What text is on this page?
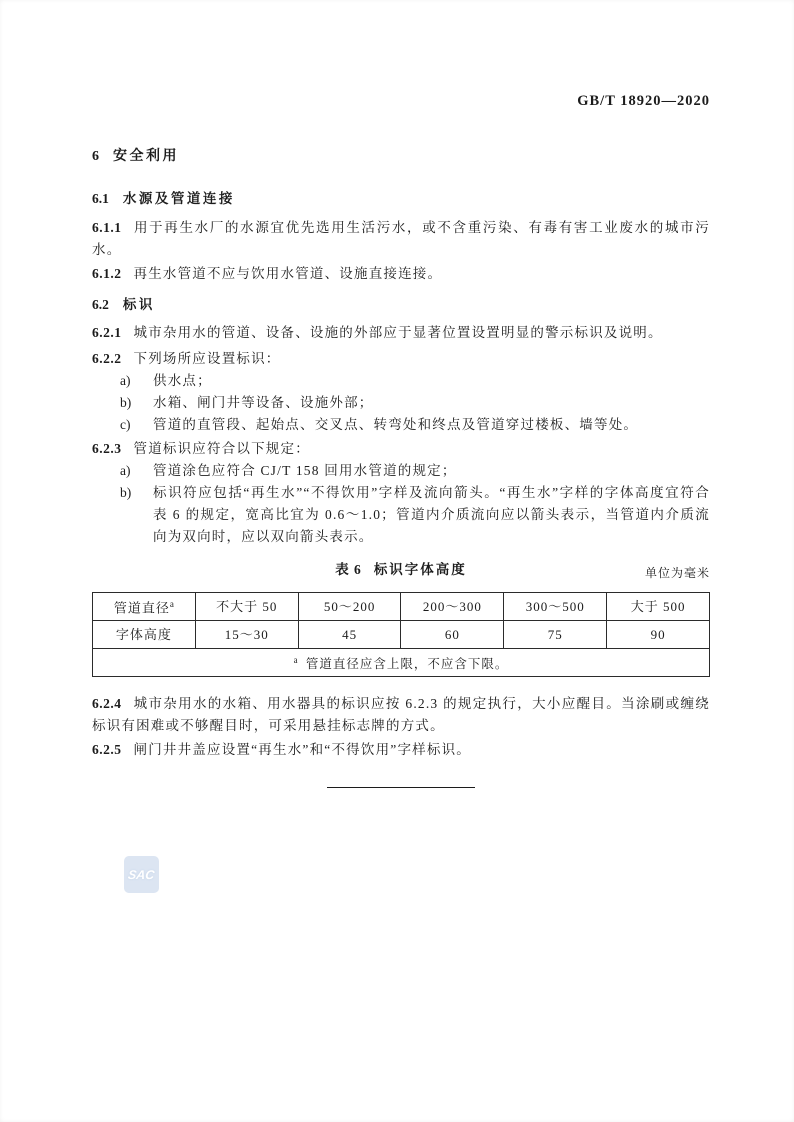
GB/T 18920—2020
6 安全利用
6.1 水源及管道连接
6.1.1 用于再生水厂的水源宜优先选用生活污水，或不含重污染、有毒有害工业废水的城市污水。
6.1.2 再生水管道不应与饮用水管道、设施直接连接。
6.2 标识
6.2.1 城市杂用水的管道、设备、设施的外部应于显著位置设置明显的警示标识及说明。
6.2.2 下列场所应设置标识：
a)	供水点；
b)	水箱、闸门井等设备、设施外部；
c)	管道的直管段、起始点、交叉点、转弯处和终点及管道穿过楼板、墙等处。
6.2.3 管道标识应符合以下规定：
a)	管道涂色应符合 CJ/T 158 回用水管道的规定；
b)	标识符应包括“再生水”“不得饮用”字样及流向箭头。“再生水”字样的字体高度宜符合表 6 的规定，宽高比宜为 0.6～1.0；管道内介质流向应以箭头表示，当管道内介质流向为双向时，应以双向箭头表示。
表 6 标识字体高度	单位为毫米
管道直径$^a$	不大于 50	50～200	200～300	300～500	大于 500
字体高度	15～30	45	60	75	90
$^a$ 管道直径应含上限，不应含下限。					
6.2.4 城市杂用水的水箱、用水器具的标识应按 6.2.3 的规定执行，大小应醒目。当涂刷或缠绕标识有困难或不够醒目时，可采用悬挂标志牌的方式。
6.2.5 闸门井井盖应设置“再生水”和“不得饮用”字样标识。
SAC
